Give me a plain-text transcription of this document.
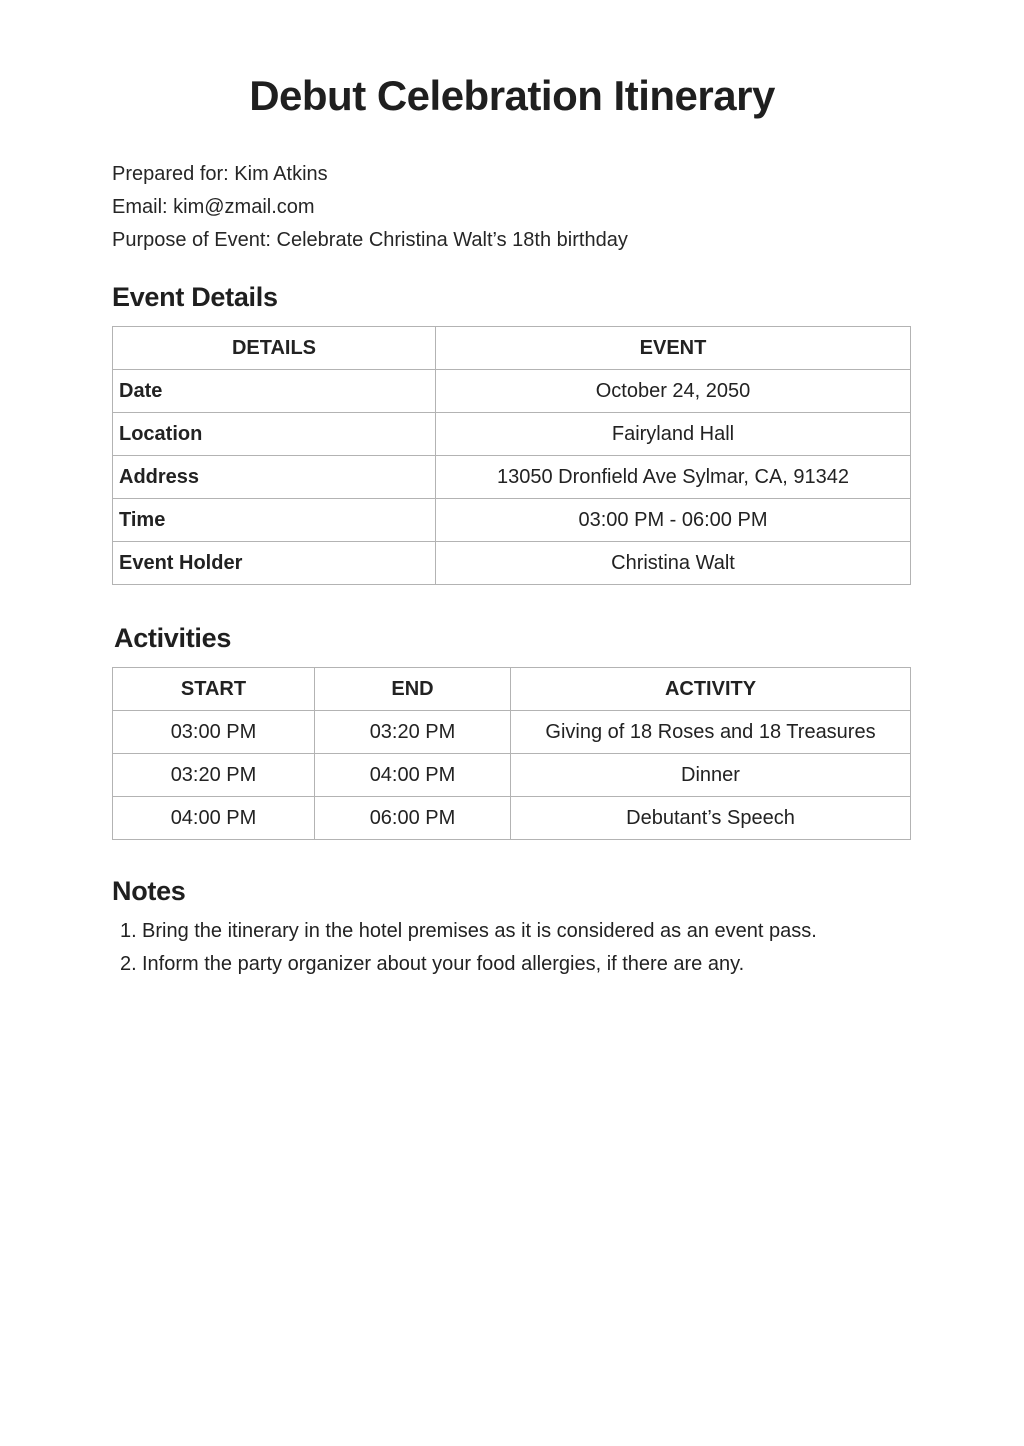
Debut Celebration Itinerary
Prepared for: Kim Atkins
Email: kim@zmail.com
Purpose of Event: Celebrate Christina Walt’s 18th birthday
Event Details
DETAILS	EVENT
Date	October 24, 2050
Location	Fairyland Hall
Address	13050 Dronfield Ave Sylmar, CA, 91342
Time	03:00 PM - 06:00 PM
Event Holder	Christina Walt
Activities
START	END	ACTIVITY
03:00 PM	03:20 PM	Giving of 18 Roses and 18 Treasures
03:20 PM	04:00 PM	Dinner
04:00 PM	06:00 PM	Debutant’s Speech
Notes
1. Bring the itinerary in the hotel premises as it is considered as an event pass.
2. Inform the party organizer about your food allergies, if there are any.
